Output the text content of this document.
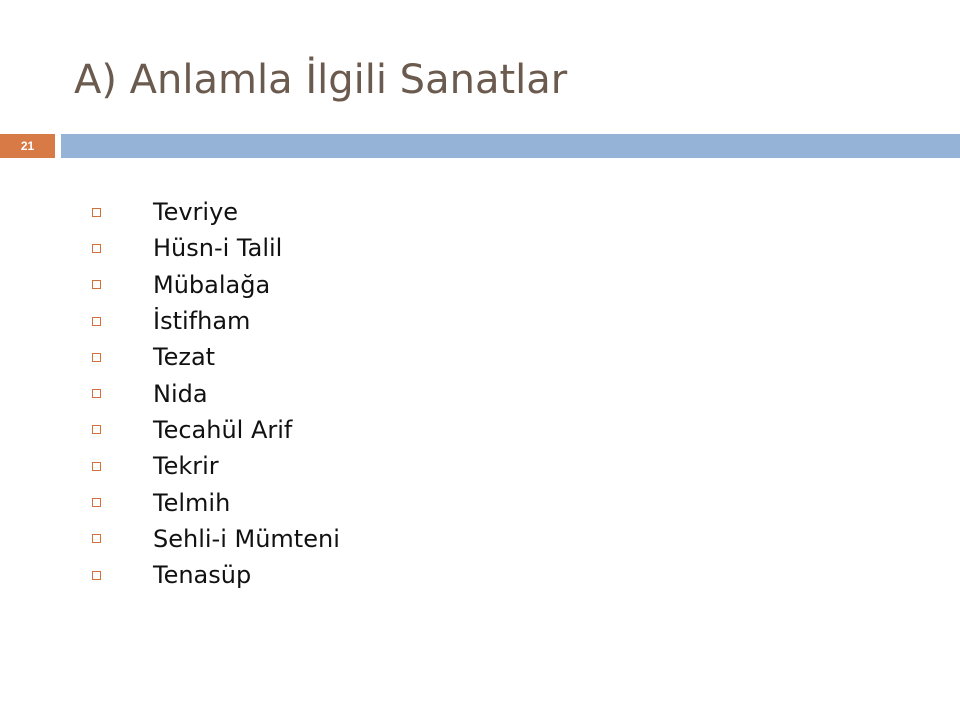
A) Anlamla İlgili Sanatlar
21
Tevriye
Hüsn-i Talil
Mübalağa
İstifham
Tezat
Nida
Tecahül Arif
Tekrir
Telmih
Sehli-i Mümteni
Tenasüp
